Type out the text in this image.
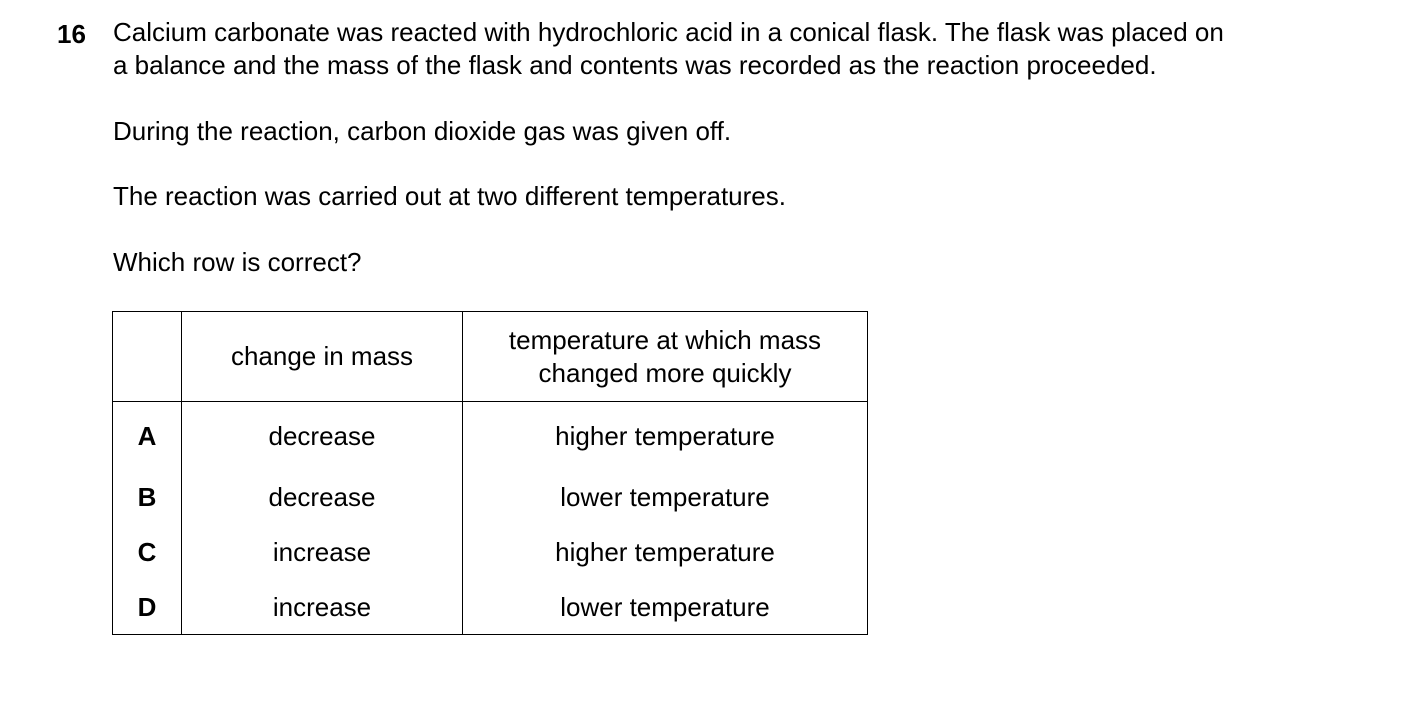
16 Calcium carbonate was reacted with hydrochloric acid in a conical flask. The flask was placed on
a balance and the mass of the flask and contents was recorded as the reaction proceeded.
During the reaction, carbon dioxide gas was given off.
The reaction was carried out at two different temperatures.
Which row is correct?
	change in mass	temperature at which mass changed more quickly

A	decrease	higher temperature
B	decrease	lower temperature
C	increase	higher temperature
D	increase	lower temperature
